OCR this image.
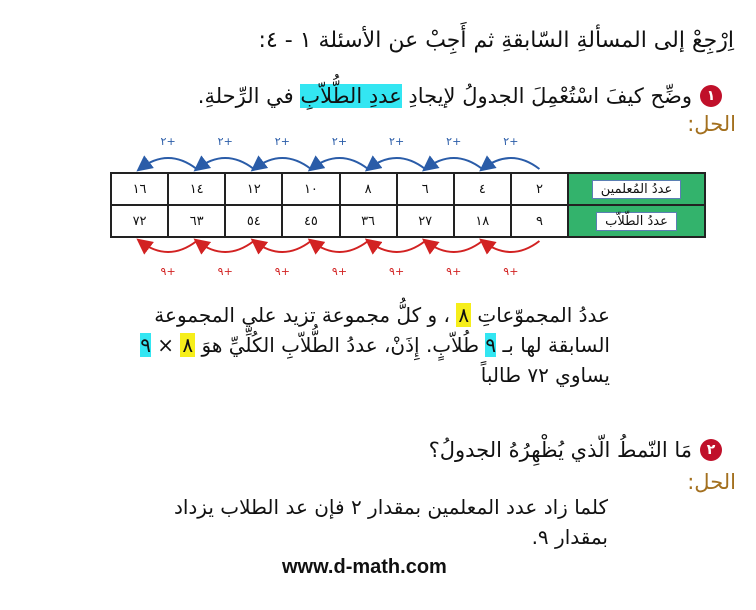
اِرْجِعْ إلى المسألةِ السّابقةِ ثم أَجِبْ عن الأسئلة ١ - ٤:
١
وضِّح كيفَ اسْتُعْمِلَ الجدولُ لإيجادِ عددِ الطُّلاّبِ في الرِّحلةِ.
الحل:
١٦	١٤	١٢	١٠	٨	٦	٤	٢	عددُ المُعلمين
٧٢	٦٣	٥٤	٤٥	٣٦	٢٧	١٨	٩	عددُ الطّلاّب
+٢
+٢
+٢
+٢
+٢
+٢
+٢
+٩
+٩
+٩
+٩
+٩
+٩
+٩
عددُ المجموّعاتِ ٨ ، و كلُّ مجموعة تزيد علي المجموعة السابقة لها بـ ٩ طُلاّبٍ. إِذَنْ، عددُ الطُّلاّبِ الكُلِّيِّ هوَ ٨ × ٩ يساوي ٧٢ طالباً
٢
مَا النّمطُ الّذي يُظْهِرُهُ الجدولُ؟
الحل:
كلما زاد عدد المعلمين بمقدار ٢ فإن عد الطلاب يزداد بمقدار ٩.
www.d-math.com
